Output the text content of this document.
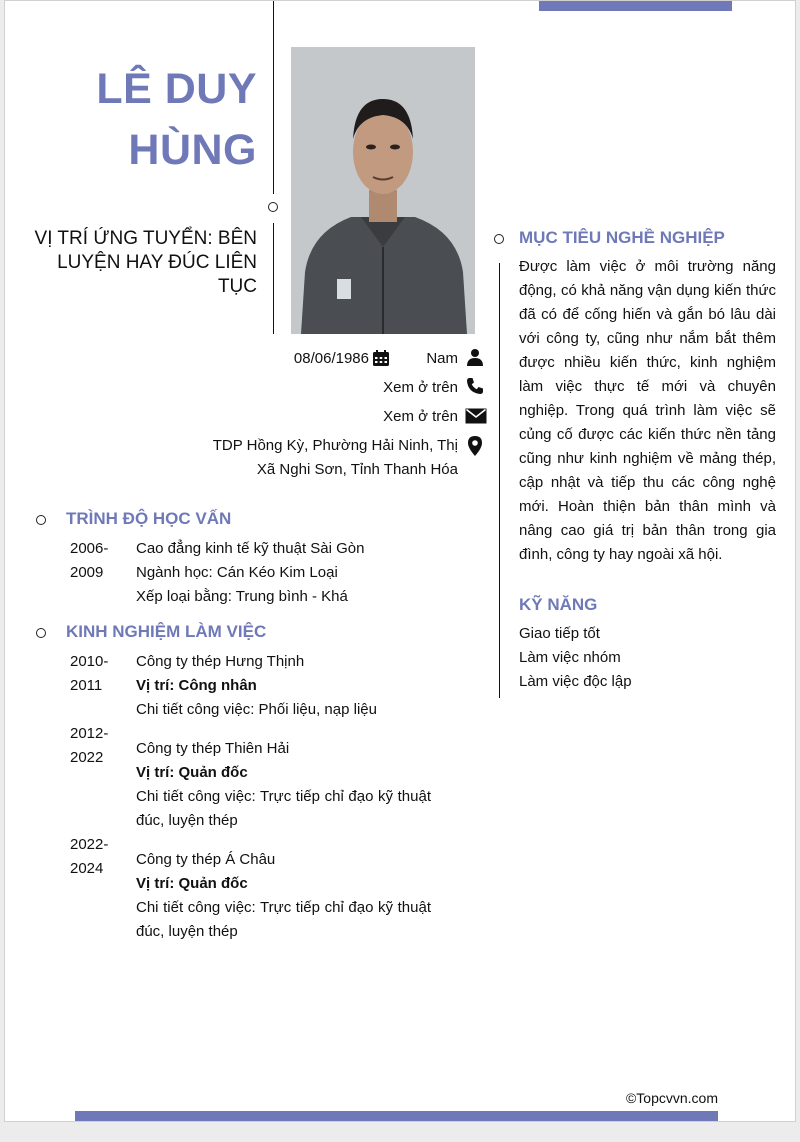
LÊ DUY
HÙNG
VỊ TRÍ ỨNG TUYỂN: BÊN LUYỆN HAY ĐÚC LIÊN TỤC
08/06/1986	Nam
Xem ở trên
Xem ở trên
TDP Hồng Kỳ, Phường Hải Ninh, Thị Xã Nghi Sơn, Tỉnh Thanh Hóa
TRÌNH ĐỘ HỌC VẤN
2006-2009
Cao đẳng kinh tế kỹ thuật Sài Gòn
Ngành học: Cán Kéo Kim Loại
Xếp loại bằng: Trung bình - Khá
KINH NGHIỆM LÀM VIỆC
2010-2011
Công ty thép Hưng Thịnh
Vị trí: Công nhân
Chi tiết công việc: Phối liệu, nạp liệu
2012-2022
Công ty thép Thiên Hải
Vị trí: Quản đốc
Chi tiết công việc: Trực tiếp chỉ đạo kỹ thuật đúc, luyện thép
2022-2024
Công ty thép Á Châu
Vị trí: Quản đốc
Chi tiết công việc: Trực tiếp chỉ đạo kỹ thuật đúc, luyện thép
MỤC TIÊU NGHỀ NGHIỆP
Được làm việc ở môi trường năng động, có khả năng vận dụng kiến thức đã có để cống hiến và gắn bó lâu dài với công ty, cũng như nắm bắt thêm được nhiều kiến thức, kinh nghiệm làm việc thực tế mới và chuyên nghiệp. Trong quá trình làm việc sẽ củng cố được các kiến thức nền tảng cũng như kinh nghiệm về mảng thép, cập nhật và tiếp thu các công nghệ mới. Hoàn thiện bản thân mình và nâng cao giá trị bản thân trong gia đình, công ty hay ngoài xã hội.
KỸ NĂNG
Giao tiếp tốt
Làm việc nhóm
Làm việc độc lập
©Topcvvn.com
